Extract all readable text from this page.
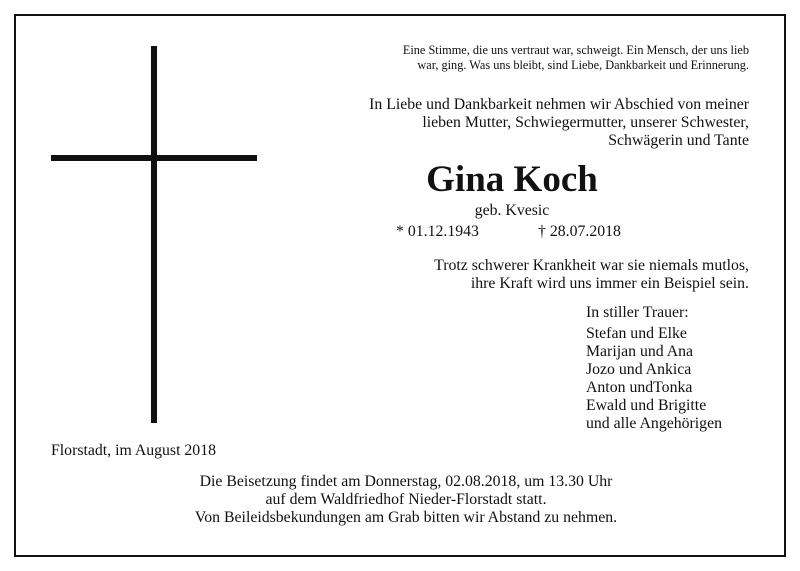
Eine Stimme, die uns vertraut war, schweigt. Ein Mensch, der uns lieb
war, ging. Was uns bleibt, sind Liebe, Dankbarkeit und Erinnerung.
In Liebe und Dankbarkeit nehmen wir Abschied von meiner
lieben Mutter, Schwiegermutter, unserer Schwester,
Schwägerin und Tante
Gina Koch
geb. Kvesic
* 01.12.1943	† 28.07.2018
Trotz schwerer Krankheit war sie niemals mutlos,
ihre Kraft wird uns immer ein Beispiel sein.
In stiller Trauer:
Stefan und Elke
Marijan und Ana
Jozo und Ankica
Anton undTonka
Ewald und Brigitte
und alle Angehörigen
Florstadt, im August 2018
Die Beisetzung findet am Donnerstag, 02.08.2018, um 13.30 Uhr
auf dem Waldfriedhof Nieder-Florstadt statt.
Von Beileidsbekundungen am Grab bitten wir Abstand zu nehmen.
